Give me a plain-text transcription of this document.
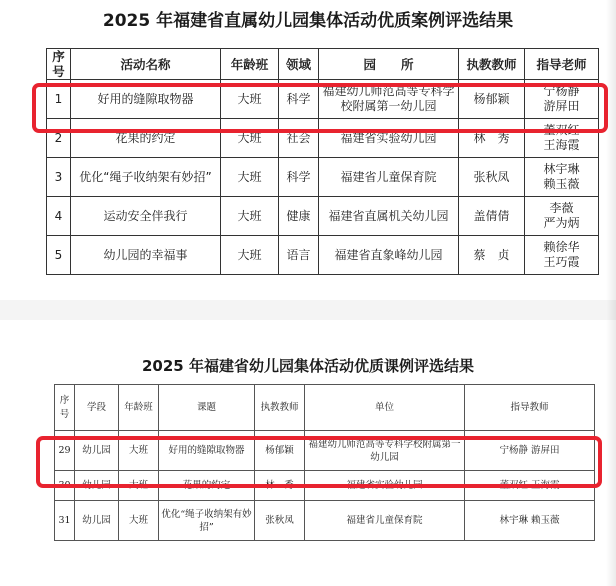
2025 年福建省直属幼儿园集体活动优质案例评选结果
序号	活动名称	年龄班	领域	园　　所	执教教师	指导老师
1	好用的缝隙取物器	大班	科学	福建幼儿师范高等专科学校附属第一幼儿园	杨郁颖	宁杨静
游屏田
2	花果的约定	大班	社会	福建省实验幼儿园	林　秀	董双红
王海霞
3	优化“绳子收纳架有妙招”	大班	科学	福建省儿童保育院	张秋凤	林宇琳
赖玉薇
4	运动安全伴我行	大班	健康	福建省直属机关幼儿园	盖倩倩	李薇
严为炳
5	幼儿园的幸福事	大班	语言	福建省直象峰幼儿园	蔡　贞	赖徐华
王巧霞
2025 年福建省幼儿园集体活动优质课例评选结果
序号	学段	年龄班	课题	执教教师	单位	指导教师
29	幼儿园	大班	好用的缝隙取物器	杨郁颖	福建幼儿师范高等专科学校附属第一幼儿园	宁杨静 游屏田
30	幼儿园	大班	花果的约定	林　秀	福建省实验幼儿园	董双红 王海霞
31	幼儿园	大班	优化“绳子收纳架有妙招”	张秋凤	福建省儿童保育院	林宇琳 赖玉薇
